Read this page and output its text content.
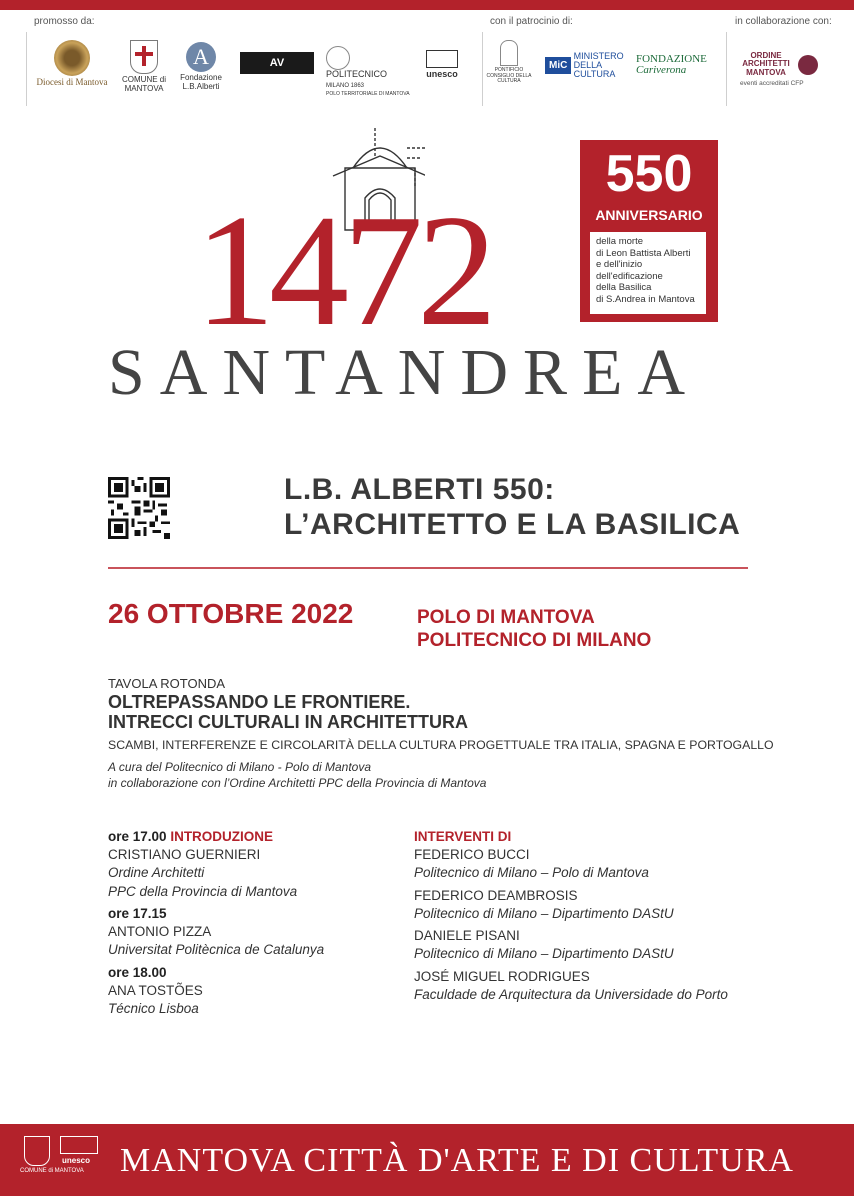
promosso da:	con il patrocinio di:	in collaborazione con:
Diocesi di Mantova	COMUNE di MANTOVA
A
Fondazione L.B.Alberti
AV
POLITECNICO
MILANO 1863
POLO TERRITORIALE DI MANTOVA
unesco	PONTIFICIO CONSIGLIO DELLA CULTURA
MiC MINISTERO DELLA CULTURA
FONDAZIONE
Cariverona
ORDINE ARCHITETTI MANTOVA
eventi accreditati CFP
1472
SANTANDREA
550
ANNIVERSARIO
della morte
di Leon Battista Alberti
e dell'inizio
dell'edificazione
della Basilica
di S.Andrea in Mantova
L.B. ALBERTI 550:
L’ARCHITETTO E LA BASILICA
26 OTTOBRE 2022	POLO DI MANTOVA
POLITECNICO DI MILANO
TAVOLA ROTONDA
OLTREPASSANDO LE FRONTIERE.
INTRECCI CULTURALI IN ARCHITETTURA
SCAMBI, INTERFERENZE E CIRCOLARITÀ DELLA CULTURA PROGETTUALE TRA ITALIA, SPAGNA E PORTOGALLO
A cura del Politecnico di Milano - Polo di Mantova
in collaborazione con l’Ordine Architetti PPC della Provincia di Mantova
ore 17.00 INTRODUZIONE
CRISTIANO GUERNIERI
Ordine Architetti
PPC della Provincia di Mantova
ore 17.15
ANTONIO PIZZA
Universitat Politècnica de Catalunya
ore 18.00
ANA TOSTÕES
Técnico Lisboa
INTERVENTI DI
FEDERICO BUCCI
Politecnico di Milano – Polo di Mantova
FEDERICO DEAMBROSIS
Politecnico di Milano – Dipartimento DAStU
DANIELE PISANI
Politecnico di Milano – Dipartimento DAStU
JOSÉ MIGUEL RODRIGUES
Faculdade de Arquitectura da Universidade do Porto
COMUNE di MANTOVA
unesco MANTOVA CITTÀ D'ARTE E DI CULTURA
